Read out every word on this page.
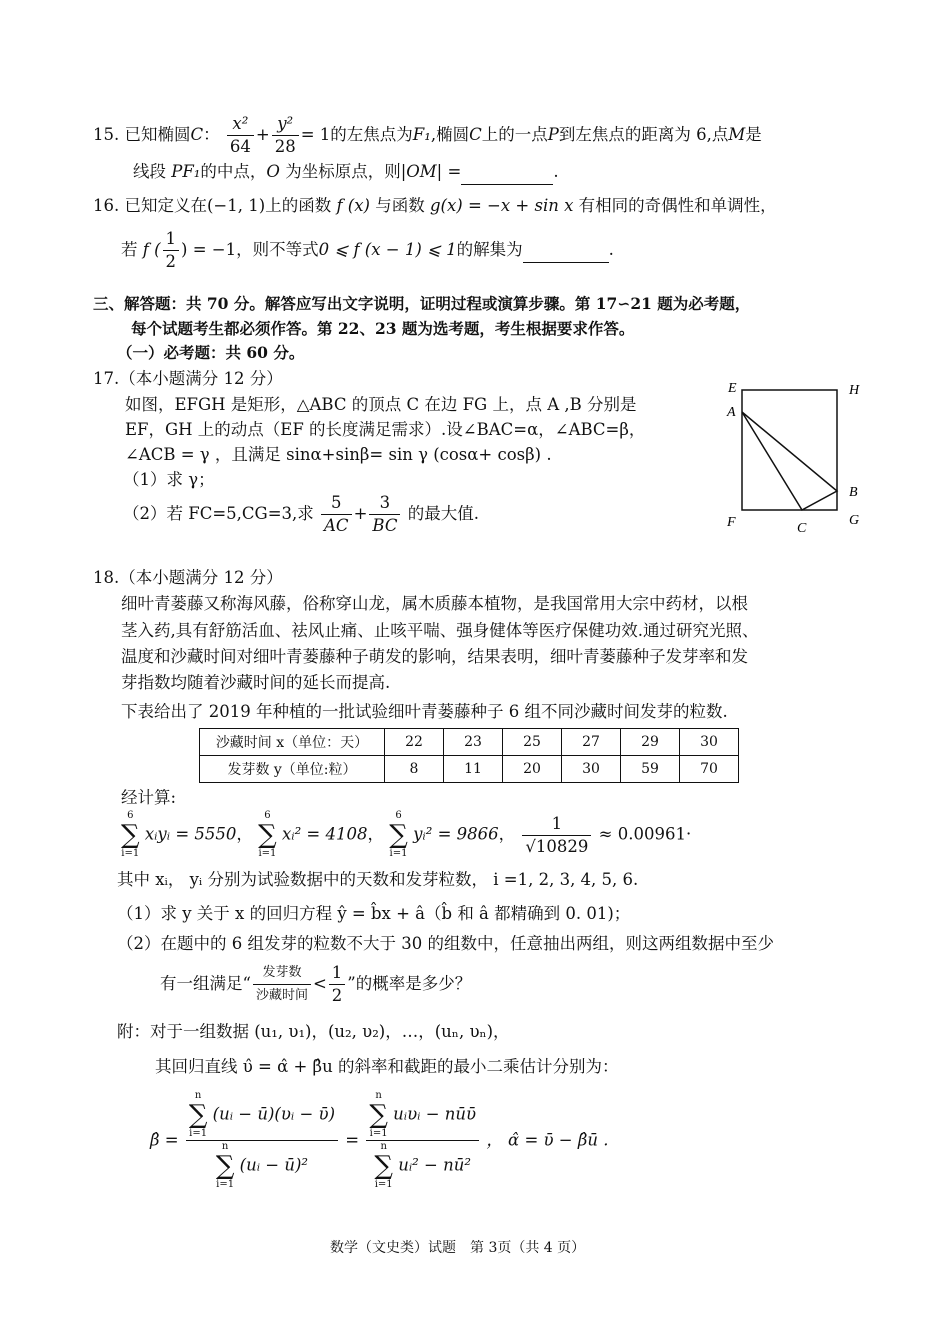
15. 已知椭圆C： $\frac{\text{x²}}{64} + \frac{\text{y²}}{28} = 1$的左焦点为F₁,椭圆C上的一点P到左焦点的距离为 6,点M是
线段 PF₁的中点，O 为坐标原点，则|OM| =	.
16. 已知定义在(−1, 1)上的函数 f (x) 与函数 g(x) = −x + sin x 有相同的奇偶性和单调性，
若 f ( $\frac{1}{2}$ ) = −1，则不等式0 ⩽ f (x − 1) ⩽ 1的解集为	.
三、解答题：共 70 分。解答应写出文字说明，证明过程或演算步骤。第 17∽21 题为必考题，
每个试题考生都必须作答。第 22、23 题为选考题，考生根据要求作答。
（一）必考题：共 60 分。
17.（本小题满分 12 分）
如图，EFGH 是矩形，△ABC 的顶点 C 在边 FG 上，点 A ,B 分别是
EF，GH 上的动点（EF 的长度满足需求）.设∠BAC=α，∠ABC=β，
∠ACB = γ ，且满足 sinα+sinβ= sin γ (cosα+ cosβ) .
（1）求 γ；
（2）若 FC=5,CG=3,求 $\frac{5}{AC} + \frac{3}{BC}$ 的最大值.
E	H
A
B
F	C
G
18.（本小题满分 12 分）
细叶青蒌藤又称海风藤，俗称穿山龙，属木质藤本植物，是我国常用大宗中药材，以根
茎入药,具有舒筋活血、祛风止痛、止咳平喘、强身健体等医疗保健功效.通过研究光照、
温度和沙藏时间对细叶青蒌藤种子萌发的影响，结果表明，细叶青蒌藤种子发芽率和发
芽指数均随着沙藏时间的延长而提高.
下表给出了 2019 年种植的一批试验细叶青蒌藤种子 6 组不同沙藏时间发芽的粒数.
沙藏时间 x（单位：天）	22	23	25	27	29	30
发芽数 y（单位:粒）	8	11	20	30	59	70
经计算:
6
∑
i=1
xᵢyᵢ = 5550，
6
∑
i=1
xᵢ² = 4108，
6
∑
i=1
yᵢ² = 9866， $\frac{1}{√10829} \approx 0.00961\cdot$
其中 xᵢ， yᵢ 分别为试验数据中的天数和发芽粒数， i =1, 2, 3, 4, 5, 6.
（1）求 y 关于 x 的回归方程 ŷ = b̂x + â（b̂ 和 â 都精确到 0. 01)；
（2）在题中的 6 组发芽的粒数不大于 30 的组数中，任意抽出两组，则这两组数据中至少
有一组满足“ $\frac{\text{发芽数}}{\text{沙藏时间}} < \frac{1}{2}$ ”的概率是多少？
附：对于一组数据 (u₁, υ₁)，(u₂, υ₂)，…，(uₙ, υₙ)，
其回归直线 υ̂ = α̂ + β̂u 的斜率和截距的最小二乘估计分别为：
β̂ = n
∑
i=1
(uᵢ − ū)(υᵢ − ῡ)
n
∑
i=1
(uᵢ − ū)² = n
∑
i=1
uᵢυᵢ − nūῡ
n
∑
i=1
uᵢ² − nū² ， α̂ = ῡ − β̂ū .
数学（文史类）试题　第 3页（共 4 页）
